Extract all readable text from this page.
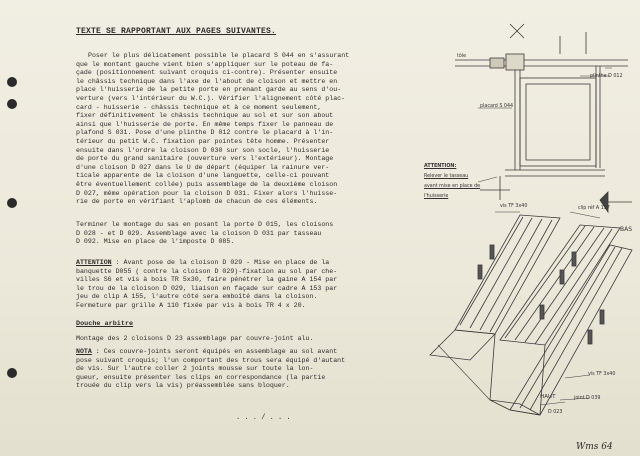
TEXTE SE RAPPORTANT AUX PAGES SUIVANTES.
Poser le plus délicatement possible le placard S 044 en s'assurant
que le montant gauche vient bien s'appliquer sur le poteau de fa-
çade (positionnement suivant croquis ci-contre). Présenter ensuite
le châssis technique dans l'axe de l'about de cloison et mettre en
place l'huisserie de la petite porte en prenant garde au sens d'ou-
verture (vers l'intérieur du W.C.). Vérifier l'alignement côté plac-
card - huisserie - châssis technique et à ce moment seulement,
fixer définitivement le châssis technique au sol et sur son about
ainsi que l'huisserie de porte. En même temps fixer le panneau de
plafond S 031. Pose d'une plinthe D 012 contre le placard à l'in-
térieur du petit W.C. fixation par pointes tête homme. Présenter
ensuite dans l'ordre la cloison D 030 sur son socle, l'huisserie
de porte du grand sanitaire (ouverture vers l'extérieur). Montage
d'une cloison D 027 dans le U de départ (équiper la rainure ver-
ticale apparente de la cloison d'une languette, celle-ci pouvant
être éventuellement collée) puis assemblage de la deuxième cloison
D 027, même opération pour la cloison D 031. Fixer alors l'huisse-
rie de porte en vérifiant l'aplomb de chacun de ces éléments.
Terminer le montage du sas en posant la porte D 015, les cloisons
D 028 - et D 029. Assemblage avec la cloison D 031 par tasseau
D 092. Mise en place de l'imposte D 085.
ATTENTION : Avant pose de la cloison D 029 - Mise en place de la
banquette D055 ( contre la cloison D 029)-fixation au sol par che-
villes S6 et vis à bois TR 5x30, faire pénétrer la gaine A 154 par
le trou de la cloison D 029, liaison en façade sur cadre A 153 par
jeu de clip A 155, l'autre côté sera emboîté dans la cloison.
Fermeture par grille A 110 fixée par vis à bois TR 4 x 20.
Douche arbitre
Montage des 2 cloisons D 23 assemblage par couvre-joint alu.
NOTA : Ces couvre-joints seront équipés en assemblage au sol avant
pose suivant croquis; l'un comportant des trous sera équipé d'autant
de vis. Sur l'autre coller 2 joints mousse sur toute la lon-
gueur, ensuite présenter les clips en correspondance (la partie
trouée du clip vers la vis) préassemblée sans bloquer.
. . . / . . .
Wms 64
tôle
plinthe D 012
placard S 044
ATTENTION:
Relever le tasseau
avant mise en place de
l'huisserie
vis TF 3x40	clip réf A 157
BAS
vis TF 3x40
joint D 039
HAUT
D 023
